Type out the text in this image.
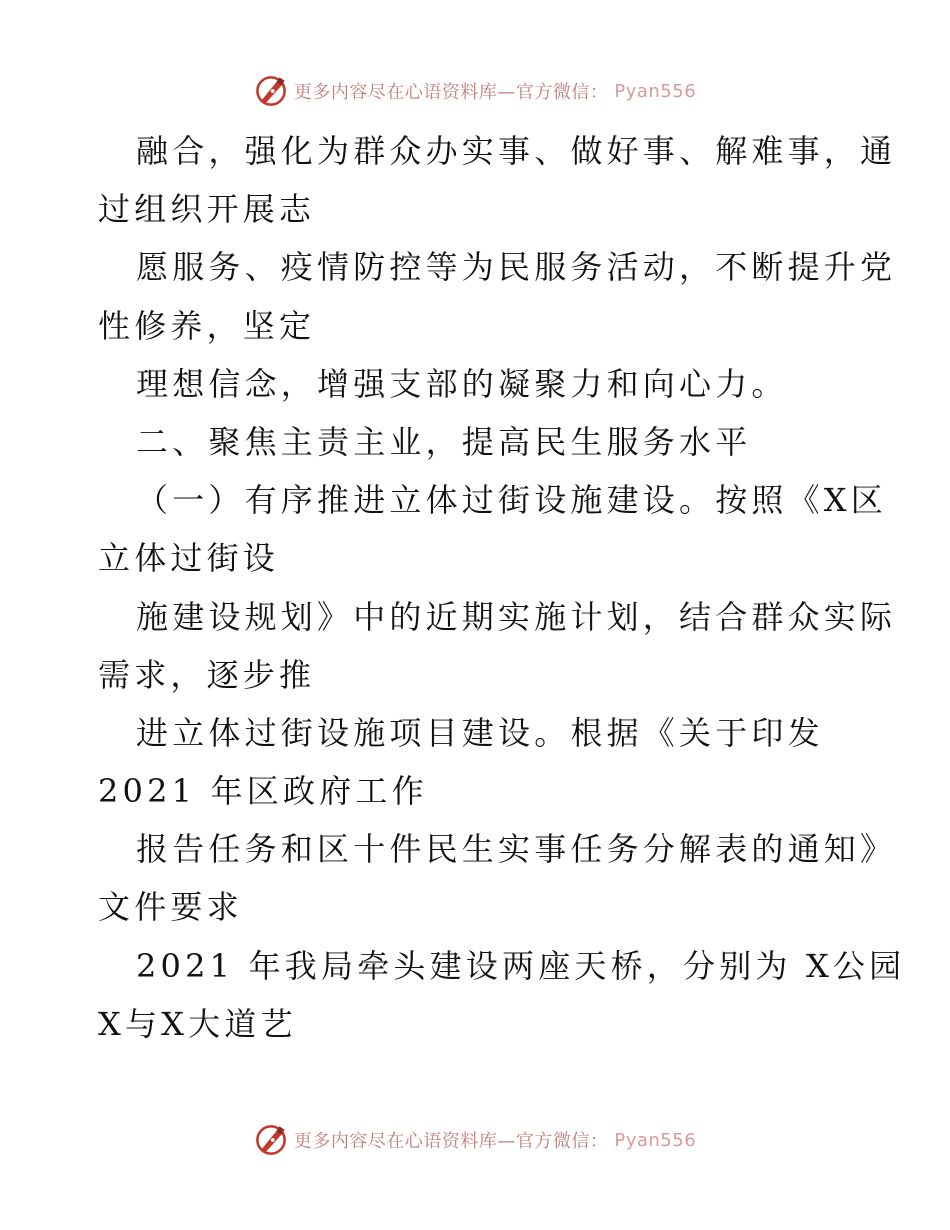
更多内容尽在心语资料库—官方微信： Pyan556
融合，强化为群众办实事、做好事、解难事，通
过组织开展志
愿服务、疫情防控等为民服务活动，不断提升党
性修养，坚定
理想信念，增强支部的凝聚力和向心力。
二、聚焦主责主业，提高民生服务水平
（一）有序推进立体过街设施建设。按照《X区
立体过街设
施建设规划》中的近期实施计划，结合群众实际
需求，逐步推
进立体过街设施项目建设。根据《关于印发
2021 年区政府工作
报告任务和区十件民生实事任务分解表的通知》
文件要求
2021 年我局牵头建设两座天桥，分别为 X公园
X与X大道艺
更多内容尽在心语资料库—官方微信： Pyan556
